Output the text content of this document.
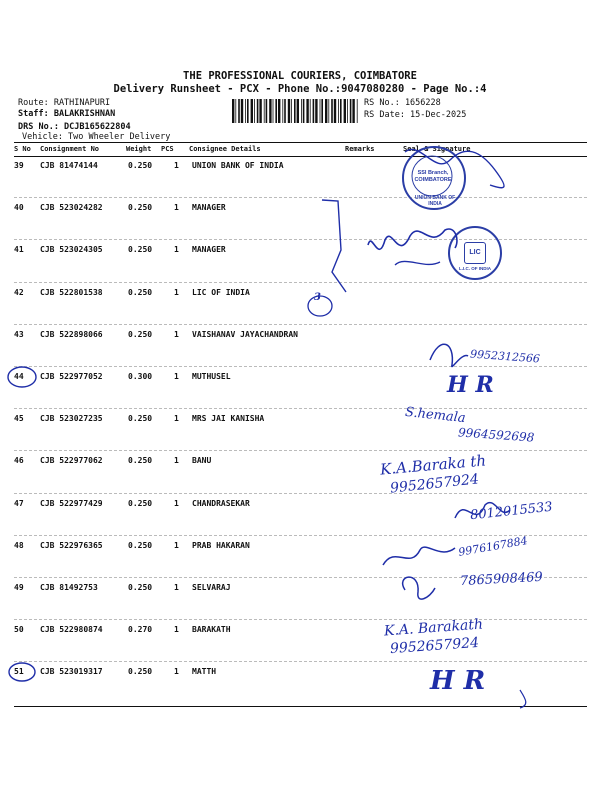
THE PROFESSIONAL COURIERS, COIMBATORE
Delivery Runsheet - PCX - Phone No.:9047080280 - Page No.:4
Route: RATHINAPURI
Staff: BALAKRISHNAN
DRS No.: DCJB165622804
Vehicle: Two Wheeler Delivery
RS No.: 1656228
RS Date: 15-Dec-2025
S No Consignment No	Weight PCS Consignee Details	Remarks	Seal & Signature
39 CJB 81474144	0.250	1 UNION BANK OF INDIA
40 CJB 523024282	0.250	1 MANAGER
41 CJB 523024305	0.250	1 MANAGER
42 CJB 522801538	0.250	1 LIC OF INDIA
43 CJB 522898066	0.250	1 VAISHANAV JAYACHANDRAN
44 CJB 522977052	0.300	1 MUTHUSEL
45 CJB 523027235	0.250	1 MRS JAI KANISHA
46 CJB 522977062	0.250	1 BANU
47 CJB 522977429	0.250	1 CHANDRASEKAR
48 CJB 522976365	0.250	1 PRAB HAKARAN
49 CJB 81492753	0.250	1 SELVARAJ
50 CJB 522980874	0.270	1 BARAKATH
51 CJB 523019317	0.250	1 MATTH
SSI Branch,
COIMBATORE
UNION BANK OF INDIA
LIC
L.I.C. OF INDIA
3
9952312566
H R
S.hemala
9964592698
K.A.Baraka th
9952657924
8012015533
9976167884
7865908469
K.A. Barakath
9952657924
H R
